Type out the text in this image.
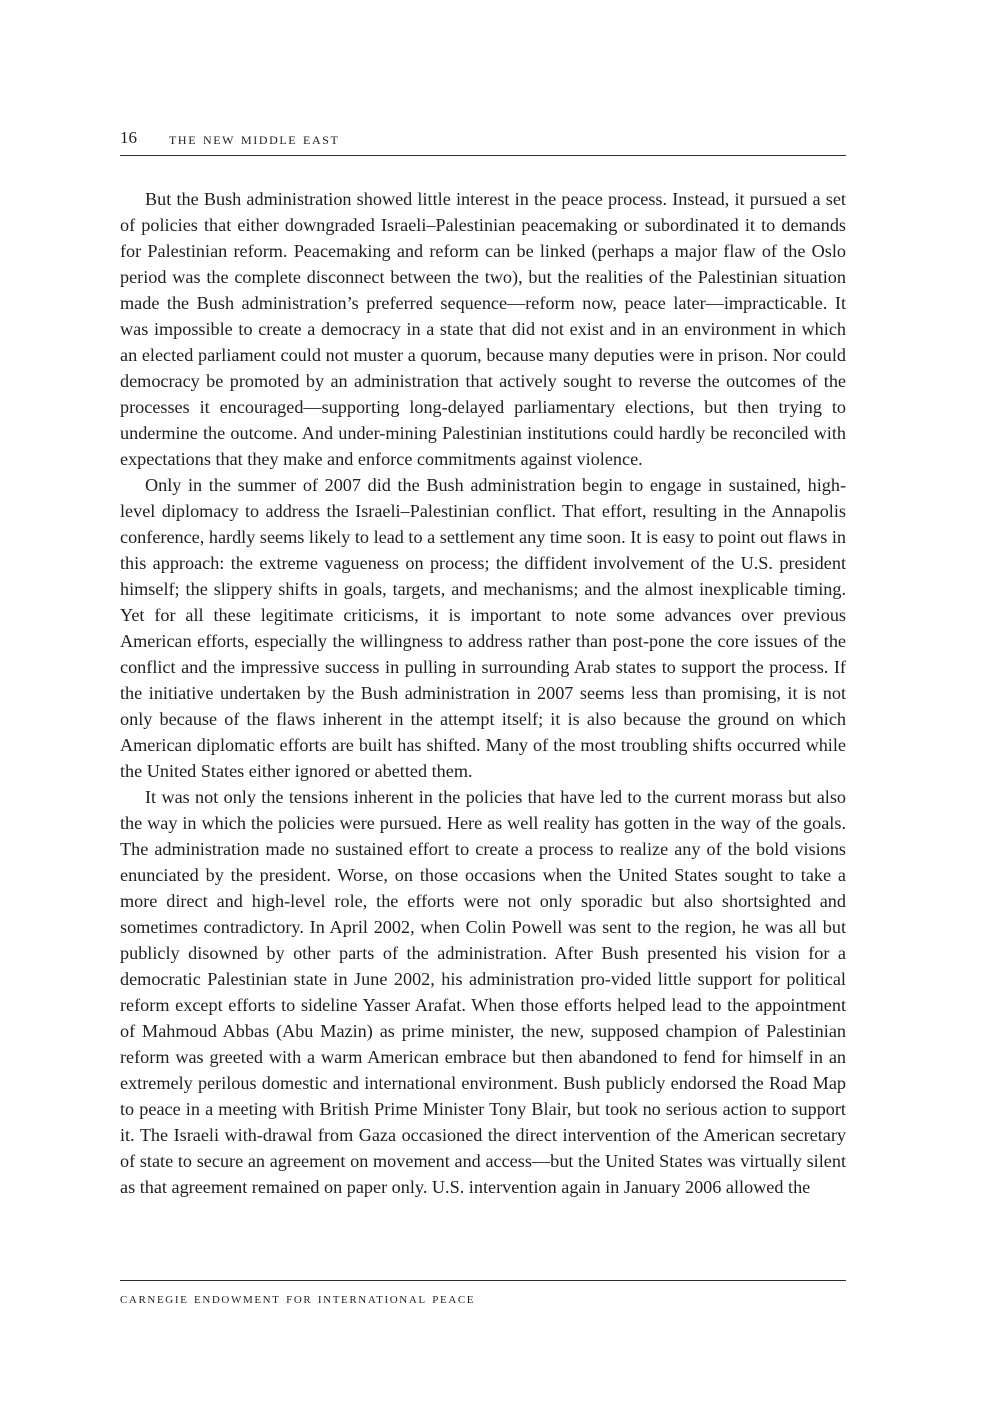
16 the new middle east

But the Bush administration showed little interest in the peace process. Instead, it pursued a set of policies that either downgraded Israeli–Palestinian peacemaking or subordinated it to demands for Palestinian reform. Peacemaking and reform can be linked (perhaps a major flaw of the Oslo period was the complete disconnect between the two), but the realities of the Palestinian situation made the Bush administration’s preferred sequence—reform now, peace later—impracticable. It was impossible to create a democracy in a state that did not exist and in an environment in which an elected parliament could not muster a quorum, because many deputies were in prison. Nor could democracy be promoted by an administration that actively sought to reverse the outcomes of the processes it encouraged—supporting long-delayed parliamentary elections, but then trying to undermine the outcome. And under-mining Palestinian institutions could hardly be reconciled with expectations that they make and enforce commitments against violence.

Only in the summer of 2007 did the Bush administration begin to engage in sustained, high-level diplomacy to address the Israeli–Palestinian conflict. That effort, resulting in the Annapolis conference, hardly seems likely to lead to a settlement any time soon. It is easy to point out flaws in this approach: the extreme vagueness on process; the diffident involvement of the U.S. president himself; the slippery shifts in goals, targets, and mechanisms; and the almost inexplicable timing. Yet for all these legitimate criticisms, it is important to note some advances over previous American efforts, especially the willingness to address rather than post-pone the core issues of the conflict and the impressive success in pulling in surrounding Arab states to support the process. If the initiative undertaken by the Bush administration in 2007 seems less than promising, it is not only because of the flaws inherent in the attempt itself; it is also because the ground on which American diplomatic efforts are built has shifted. Many of the most troubling shifts occurred while the United States either ignored or abetted them.

It was not only the tensions inherent in the policies that have led to the current morass but also the way in which the policies were pursued. Here as well reality has gotten in the way of the goals. The administration made no sustained effort to create a process to realize any of the bold visions enunciated by the president. Worse, on those occasions when the United States sought to take a more direct and high-level role, the efforts were not only sporadic but also shortsighted and sometimes contradictory. In April 2002, when Colin Powell was sent to the region, he was all but publicly disowned by other parts of the administration. After Bush presented his vision for a democratic Palestinian state in June 2002, his administration pro-vided little support for political reform except efforts to sideline Yasser Arafat. When those efforts helped lead to the appointment of Mahmoud Abbas (Abu Mazin) as prime minister, the new, supposed champion of Palestinian reform was greeted with a warm American embrace but then abandoned to fend for himself in an extremely perilous domestic and international environment. Bush publicly endorsed the Road Map to peace in a meeting with British Prime Minister Tony Blair, but took no serious action to support it. The Israeli with-drawal from Gaza occasioned the direct intervention of the American secretary of state to secure an agreement on movement and access—but the United States was virtually silent as that agreement remained on paper only. U.S. intervention again in January 2006 allowed the

carnegie endowment for international peace
